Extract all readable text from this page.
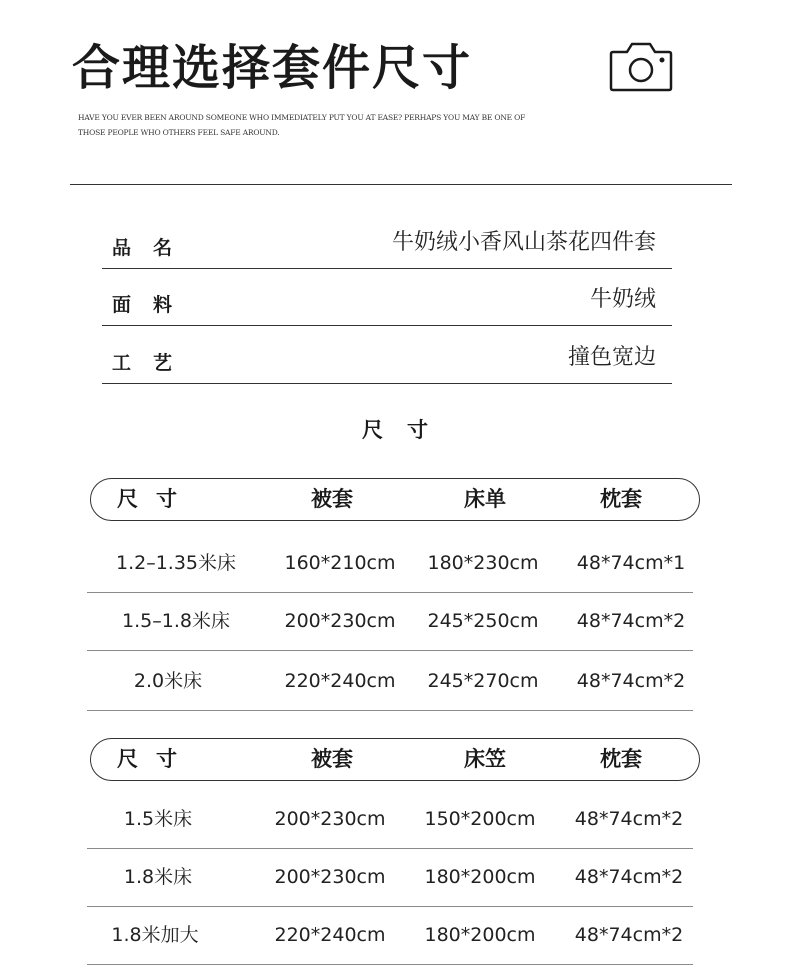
合理选择套件尺寸
HAVE YOU EVER BEEN AROUND SOMEONE WHO IMMEDIATELY PUT YOU AT EASE? PERHAPS YOU MAY BE ONE OF THOSE PEOPLE WHO OTHERS FEEL SAFE AROUND.
品名	牛奶绒小香风山茶花四件套
面料	牛奶绒
工艺	撞色宽边
尺寸
尺寸	被套	床单	枕套
1.2–1.35米床	160*210cm 180*230cm 48*74cm*1
1.5–1.8米床	200*230cm 245*250cm 48*74cm*2
2.0米床	220*240cm 245*270cm 48*74cm*2
尺寸	被套	床笠	枕套
1.5米床	200*230cm 150*200cm 48*74cm*2
1.8米床	200*230cm 180*200cm 48*74cm*2
1.8米加大	220*240cm 180*200cm 48*74cm*2
